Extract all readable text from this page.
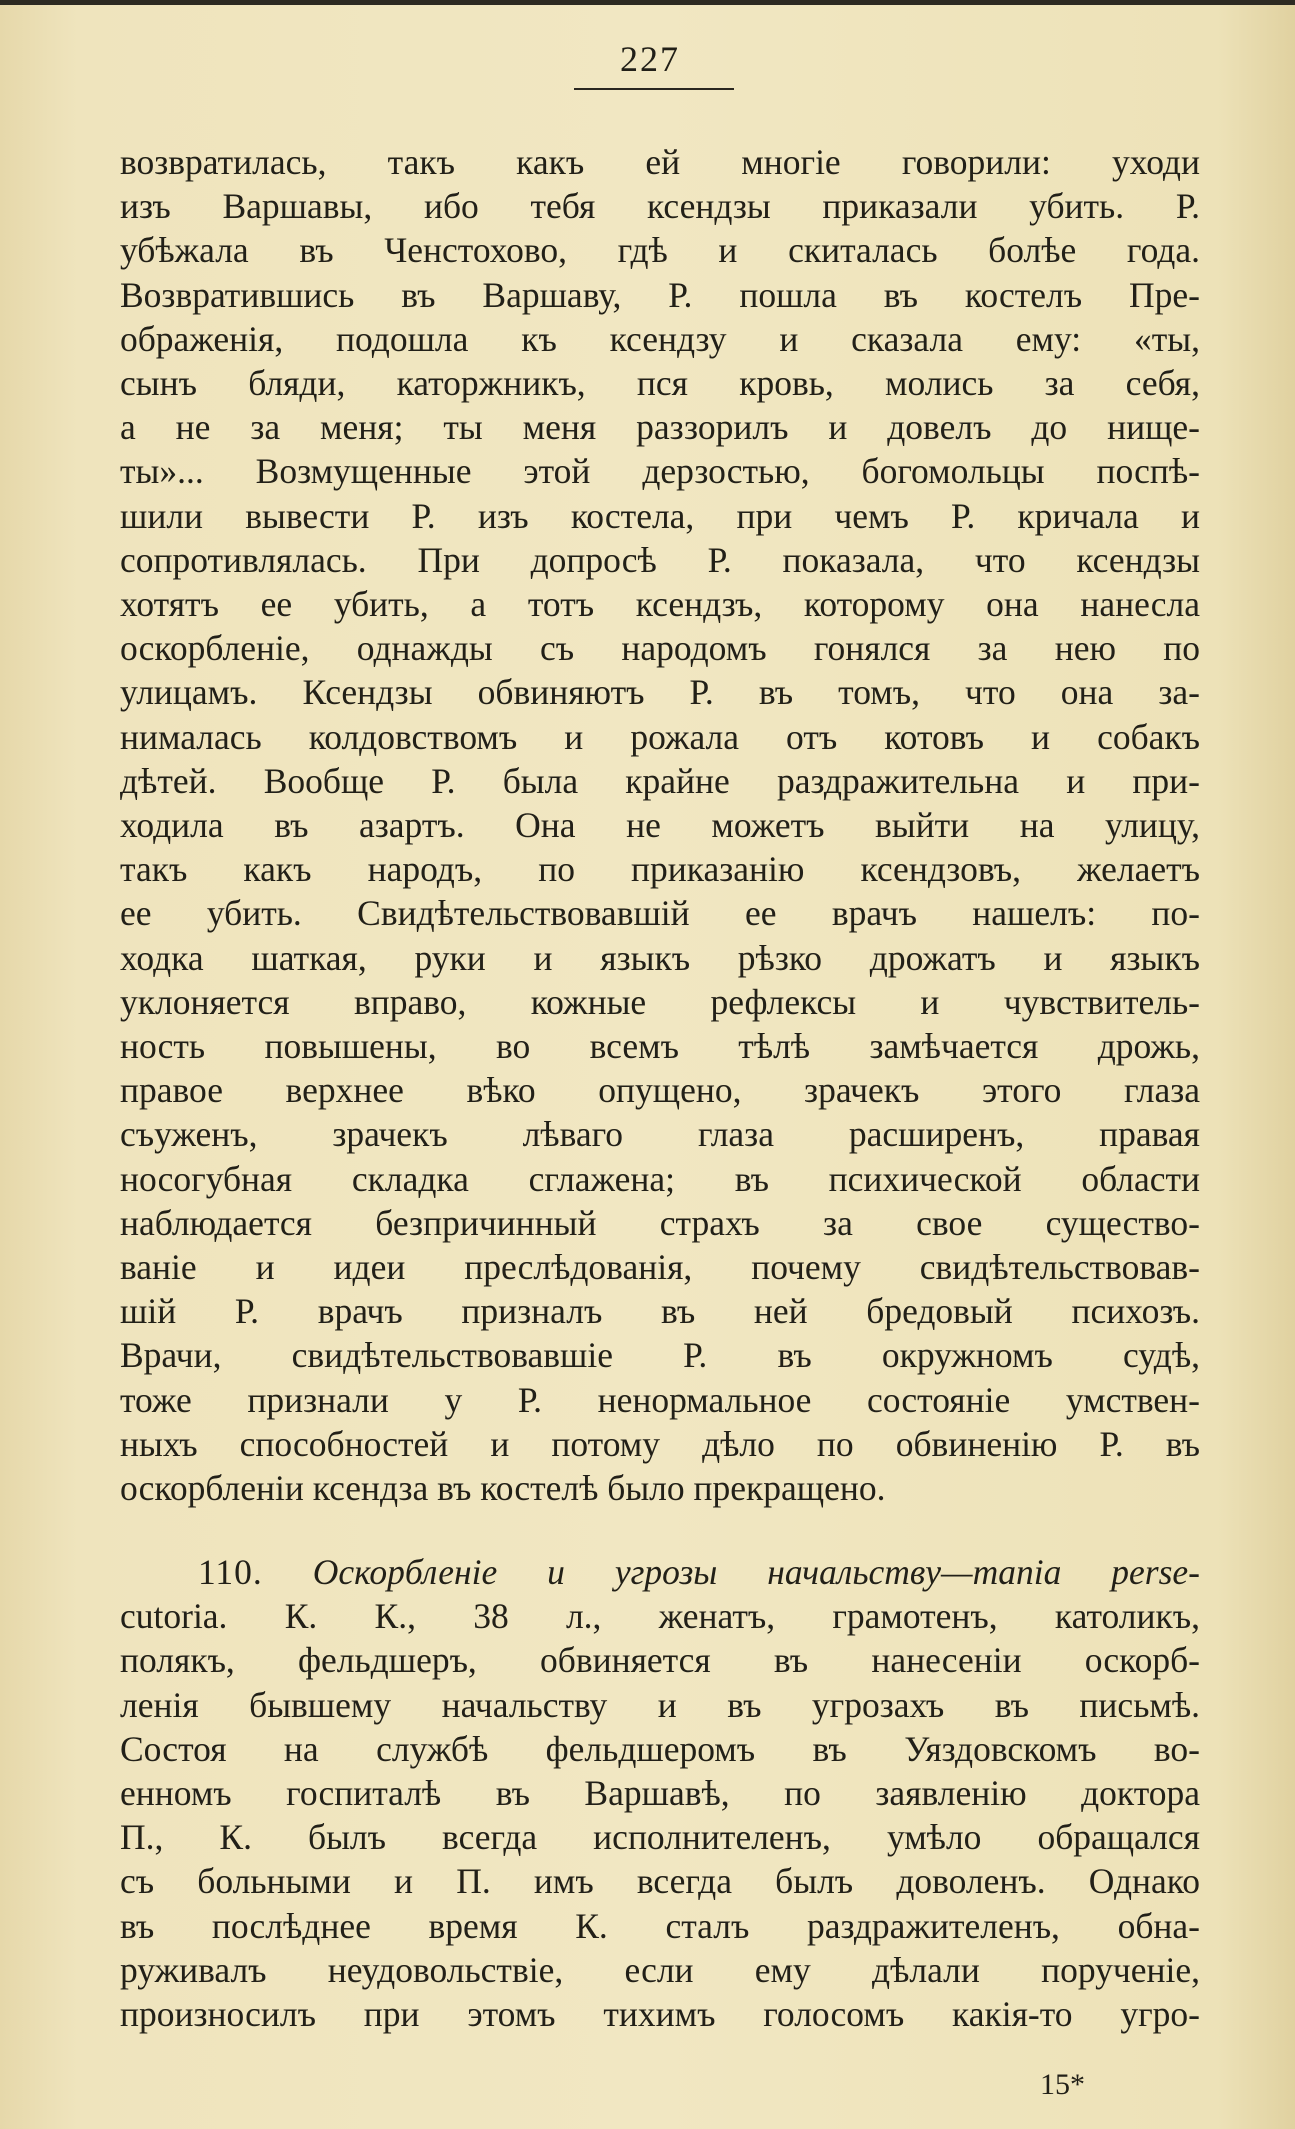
227
возвратилась, такъ какъ ей многіе говорили: уходи
изъ Варшавы, ибо тебя ксендзы приказали убить. Р.
убѣжала въ Ченстохово, гдѣ и скиталась болѣе года.
Возвратившись въ Варшаву, Р. пошла въ костелъ Пре-
ображенія, подошла къ ксендзу и сказала ему: «ты,
сынъ бляди, каторжникъ, пся кровь, молись за себя,
а не за меня; ты меня раззорилъ и довелъ до нище-
ты»... Возмущенные этой дерзостью, богомольцы поспѣ-
шили вывести Р. изъ костела, при чемъ Р. кричала и
сопротивлялась. При допросѣ Р. показала, что ксендзы
хотятъ ее убить, а тотъ ксендзъ, которому она нанесла
оскорбленіе, однажды съ народомъ гонялся за нею по
улицамъ. Ксендзы обвиняютъ Р. въ томъ, что она за-
нималась колдовствомъ и рожала отъ котовъ и собакъ
дѣтей. Вообще Р. была крайне раздражительна и при-
ходила въ азартъ. Она не можетъ выйти на улицу,
такъ какъ народъ, по приказанію ксендзовъ, желаетъ
ее убить. Свидѣтельствовавшій ее врачъ нашелъ: по-
ходка шаткая, руки и языкъ рѣзко дрожатъ и языкъ
уклоняется вправо, кожные рефлексы и чувствитель-
ность повышены, во всемъ тѣлѣ замѣчается дрожь,
правое верхнее вѣко опущено, зрачекъ этого глаза
съуженъ, зрачекъ лѣваго глаза расширенъ, правая
носогубная складка сглажена; въ психической области
наблюдается безпричинный страхъ за свое существо-
ваніе и идеи преслѣдованія, почему свидѣтельствовав-
шій Р. врачъ призналъ въ ней бредовый психозъ.
Врачи, свидѣтельствовавшіе Р. въ окружномъ судѣ,
тоже признали у Р. ненормальное состояніе умствен-
ныхъ способностей и потому дѣло по обвиненію Р. въ
оскорбленіи ксендза въ костелѣ было прекращено.
110. Оскорбленіе и угрозы начальству—mania perse-
cutoria. К. К., 38 л., женатъ, грамотенъ, католикъ,
полякъ, фельдшеръ, обвиняется въ нанесеніи оскорб-
ленія бывшему начальству и въ угрозахъ въ письмѣ.
Состоя на службѣ фельдшеромъ въ Уяздовскомъ во-
енномъ госпиталѣ въ Варшавѣ, по заявленію доктора
П., К. былъ всегда исполнителенъ, умѣло обращался
съ больными и П. имъ всегда былъ доволенъ. Однако
въ послѣднее время К. сталъ раздражителенъ, обна-
руживалъ неудовольствіе, если ему дѣлали порученіе,
произносилъ при этомъ тихимъ голосомъ какія-то угро-
15*
